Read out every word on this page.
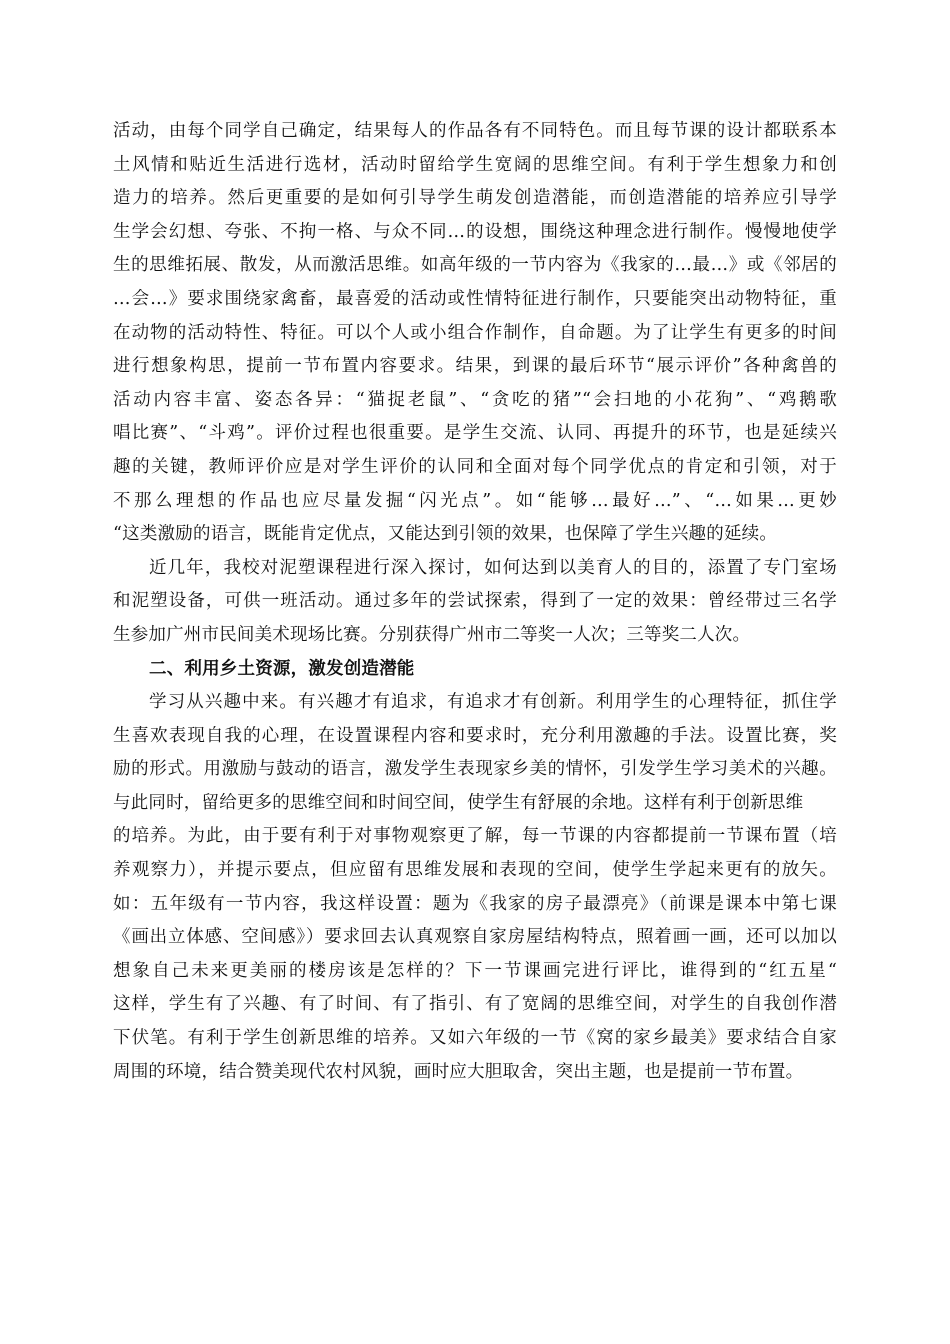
活动，由每个同学自己确定，结果每人的作品各有不同特色。而且每节课的设计都联系本
土风情和贴近生活进行选材，活动时留给学生宽阔的思维空间。有利于学生想象力和创
造力的培养。然后更重要的是如何引导学生萌发创造潜能，而创造潜能的培养应引导学
生学会幻想、夸张、不拘一格、与众不同…的设想，围绕这种理念进行制作。慢慢地使学
生的思维拓展、散发，从而激活思维。如高年级的一节内容为《我家的…最…》或《邻居的
…会…》要求围绕家禽畜，最喜爱的活动或性情特征进行制作，只要能突出动物特征，重
在动物的活动特性、特征。可以个人或小组合作制作，自命题。为了让学生有更多的时间
进行想象构思，提前一节布置内容要求。结果，到课的最后环节“展示评价”各种禽兽的
活动内容丰富、姿态各异：“猫捉老鼠”、“贪吃的猪”“会扫地的小花狗”、“鸡鹅歌
唱比赛”、“斗鸡”。评价过程也很重要。是学生交流、认同、再提升的环节，也是延续兴
趣的关键，教师评价应是对学生评价的认同和全面对每个同学优点的肯定和引领，对于
不那么理想的作品也应尽量发掘“闪光点”。如“能够…最好…”、“…如果…更妙
“这类激励的语言，既能肯定优点，又能达到引领的效果，也保障了学生兴趣的延续。
近几年，我校对泥塑课程进行深入探讨，如何达到以美育人的目的，添置了专门室场
和泥塑设备，可供一班活动。通过多年的尝试探索，得到了一定的效果：曾经带过三名学
生参加广州市民间美术现场比赛。分别获得广州市二等奖一人次；三等奖二人次。
二、利用乡土资源，激发创造潜能
学习从兴趣中来。有兴趣才有追求，有追求才有创新。利用学生的心理特征，抓住学
生喜欢表现自我的心理，在设置课程内容和要求时，充分利用激趣的手法。设置比赛，奖
励的形式。用激励与鼓动的语言，激发学生表现家乡美的情怀，引发学生学习美术的兴趣。
与此同时，留给更多的思维空间和时间空间，使学生有舒展的余地。这样有利于创新思维
的培养。为此，由于要有利于对事物观察更了解，每一节课的内容都提前一节课布置（培
养观察力），并提示要点，但应留有思维发展和表现的空间，使学生学起来更有的放矢。
如：五年级有一节内容，我这样设置：题为《我家的房子最漂亮》（前课是课本中第七课
《画出立体感、空间感》）要求回去认真观察自家房屋结构特点，照着画一画，还可以加以
想象自己未来更美丽的楼房该是怎样的？下一节课画完进行评比，谁得到的“红五星“
这样，学生有了兴趣、有了时间、有了指引、有了宽阔的思维空间，对学生的自我创作潜
下伏笔。有利于学生创新思维的培养。又如六年级的一节《窝的家乡最美》要求结合自家
周围的环境，结合赞美现代农村风貌，画时应大胆取舍，突出主题，也是提前一节布置。
